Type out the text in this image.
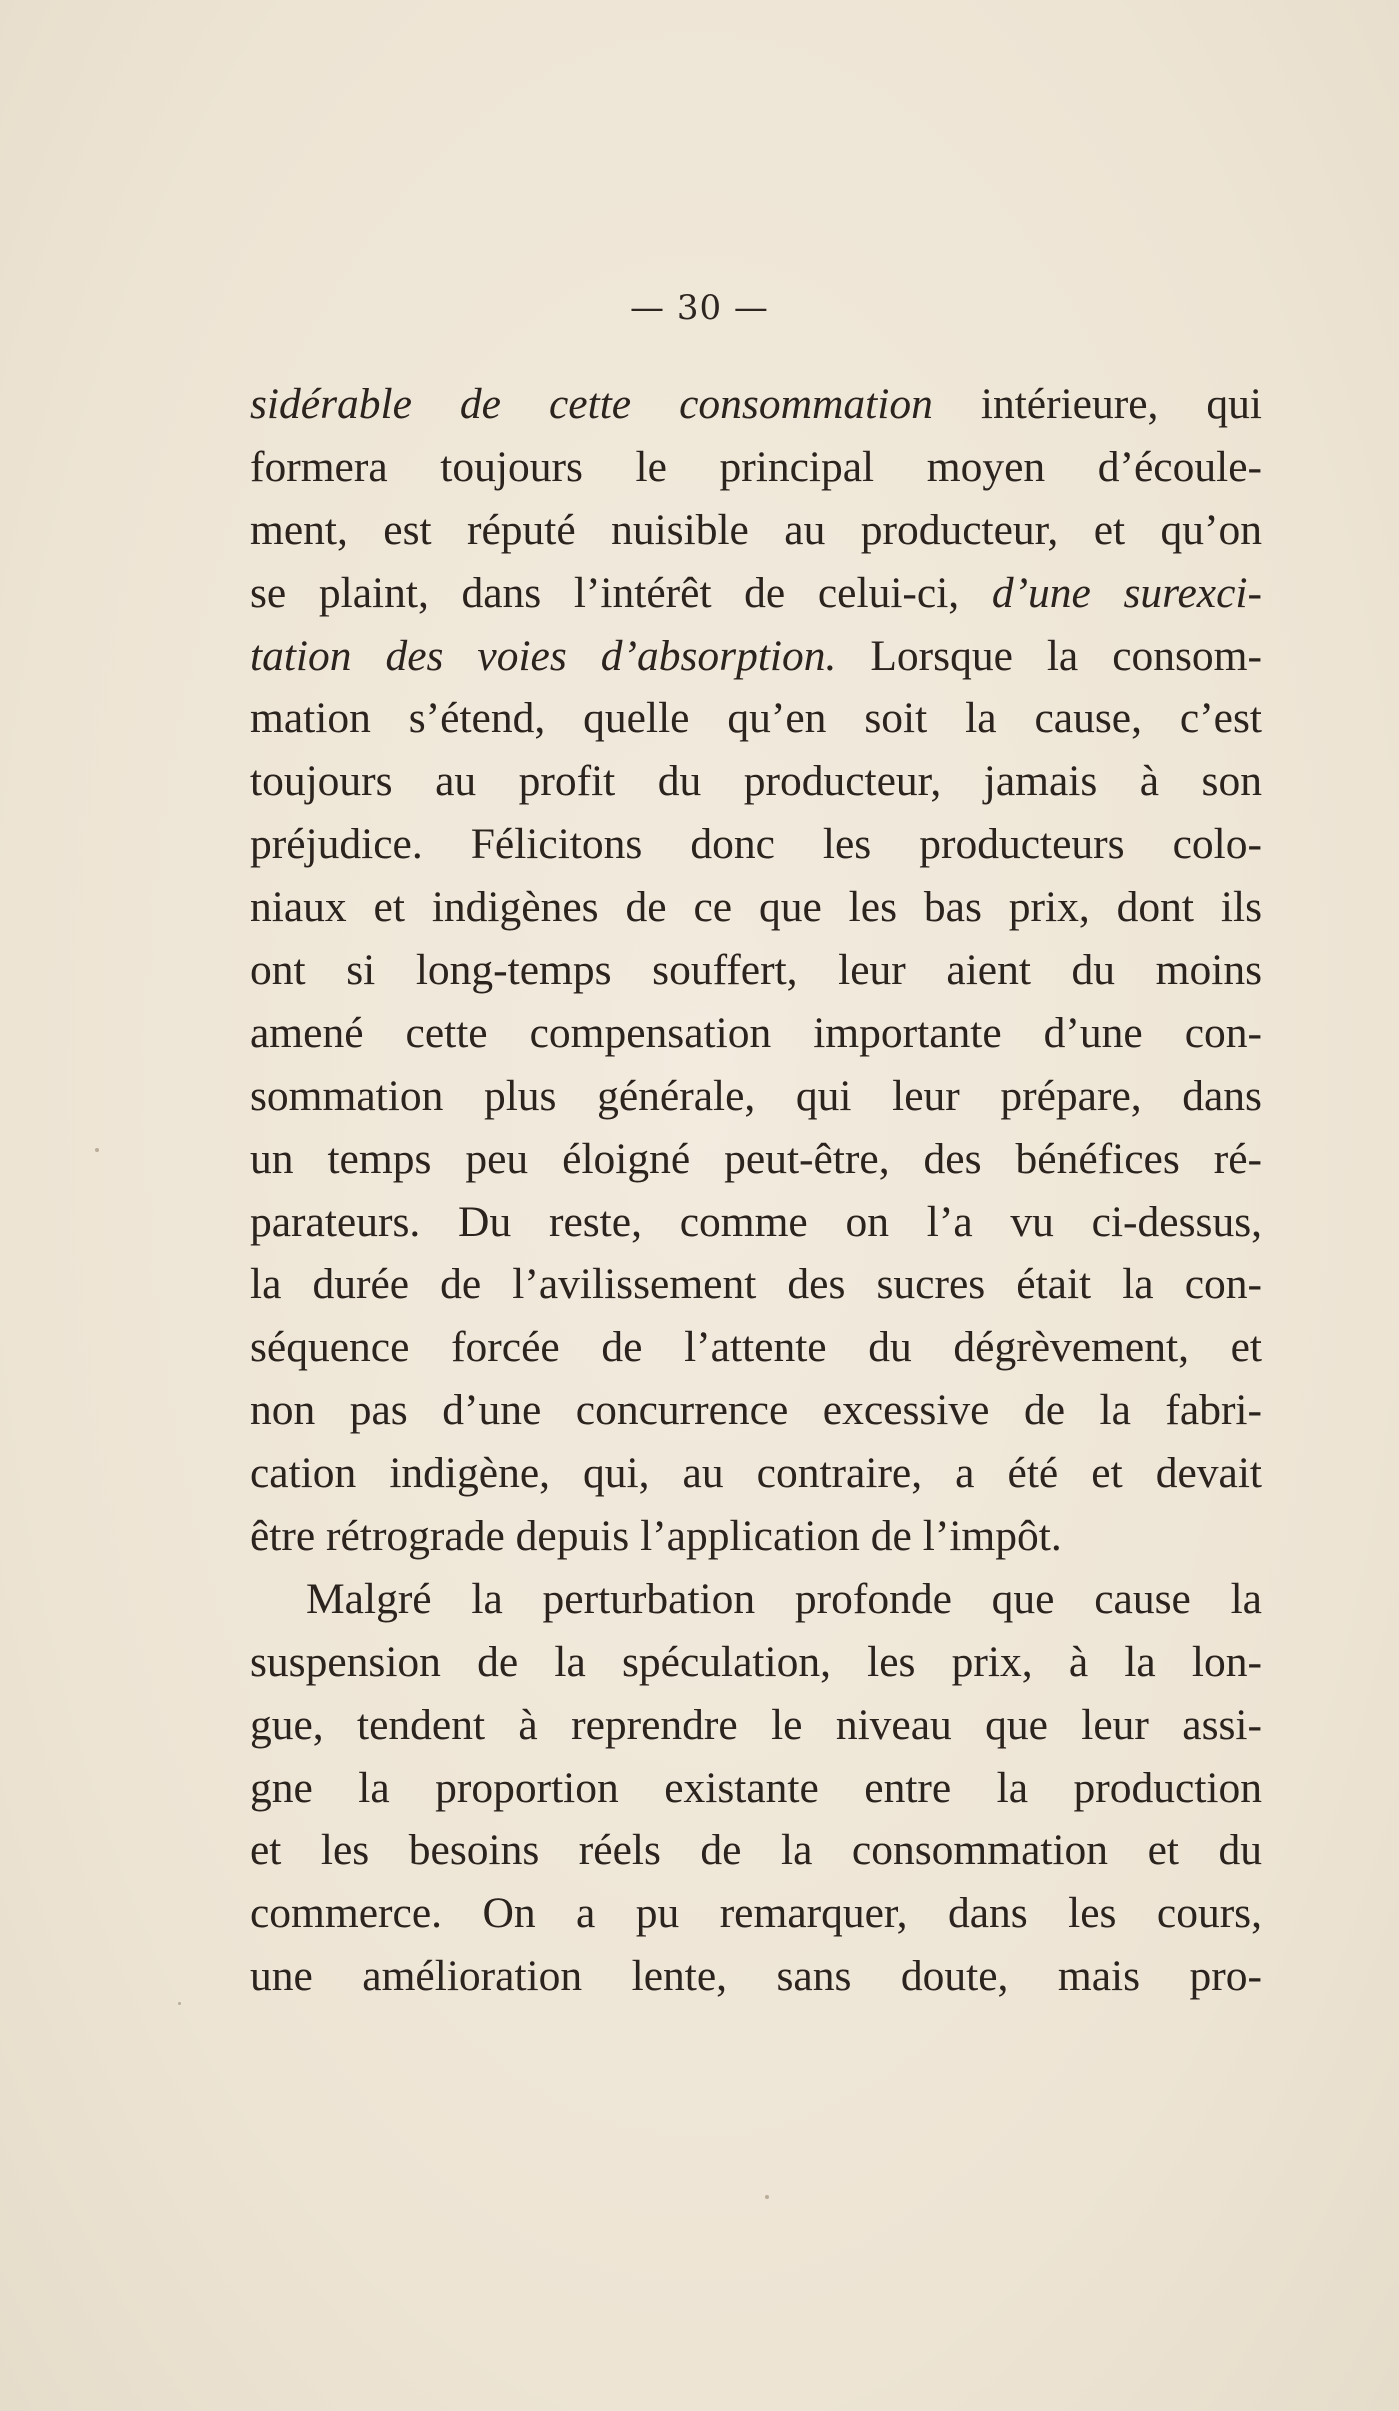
— 30 —
sidérable de cette consommation intérieure, qui
formera toujours le principal moyen d’écoule-
ment, est réputé nuisible au producteur, et qu’on
se plaint, dans l’intérêt de celui-ci, d’une surexci-
tation des voies d’absorption. Lorsque la consom-
mation s’étend, quelle qu’en soit la cause, c’est
toujours au profit du producteur, jamais à son
préjudice. Félicitons donc les producteurs colo-
niaux et indigènes de ce que les bas prix, dont ils
ont si long-temps souffert, leur aient du moins
amené cette compensation importante d’une con-
sommation plus générale, qui leur prépare, dans
un temps peu éloigné peut-être, des bénéfices ré-
parateurs. Du reste, comme on l’a vu ci-dessus,
la durée de l’avilissement des sucres était la con-
séquence forcée de l’attente du dégrèvement, et
non pas d’une concurrence excessive de la fabri-
cation indigène, qui, au contraire, a été et devait
être rétrograde depuis l’application de l’impôt.
Malgré la perturbation profonde que cause la
suspension de la spéculation, les prix, à la lon-
gue, tendent à reprendre le niveau que leur assi-
gne la proportion existante entre la production
et les besoins réels de la consommation et du
commerce. On a pu remarquer, dans les cours,
une amélioration lente, sans doute, mais pro-
